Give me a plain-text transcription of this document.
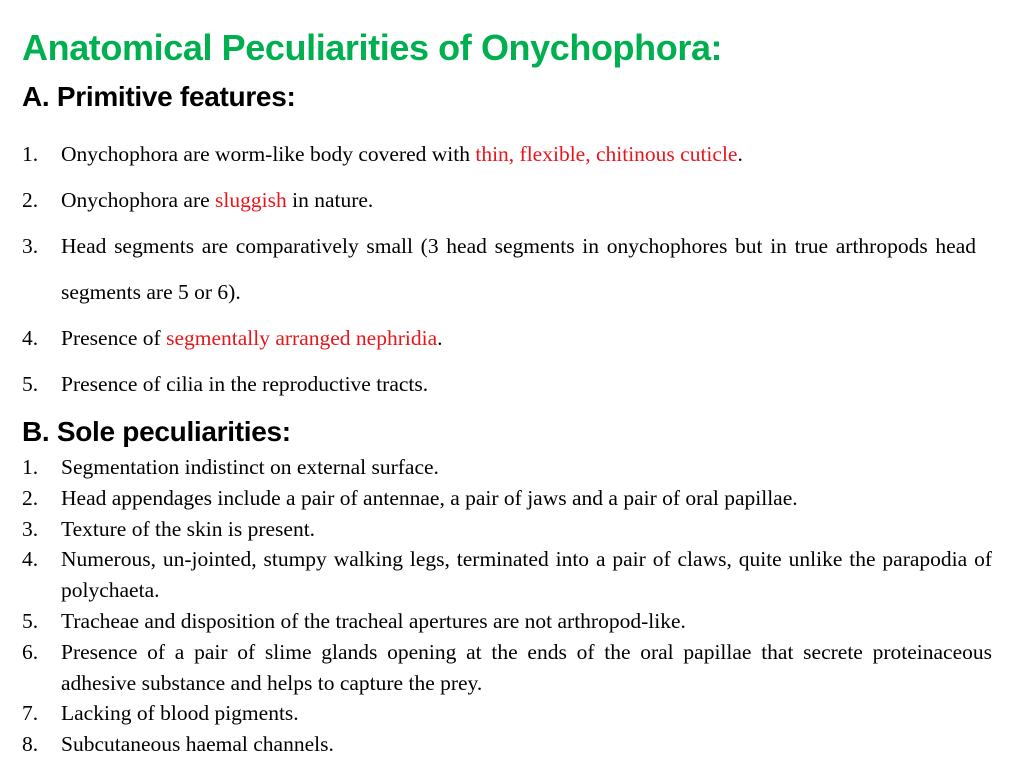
Anatomical Peculiarities of Onychophora:
A. Primitive features:
1. Onychophora are worm-like body covered with thin, flexible, chitinous cuticle.
2. Onychophora are sluggish in nature.
3. Head segments are comparatively small (3 head segments in onychophores but in true arthropods head segments are 5 or 6).
4. Presence of segmentally arranged nephridia.
5. Presence of cilia in the reproductive tracts.
B. Sole peculiarities:
1. Segmentation indistinct on external surface.
2. Head appendages include a pair of antennae, a pair of jaws and a pair of oral papillae.
3. Texture of the skin is present.
4. Numerous, un-jointed, stumpy walking legs, terminated into a pair of claws, quite unlike the parapodia of polychaeta.
5. Tracheae and disposition of the tracheal apertures are not arthropod-like.
6. Presence of a pair of slime glands opening at the ends of the oral papillae that secrete proteinaceous adhesive substance and helps to capture the prey.
7. Lacking of blood pigments.
8. Subcutaneous haemal channels.
